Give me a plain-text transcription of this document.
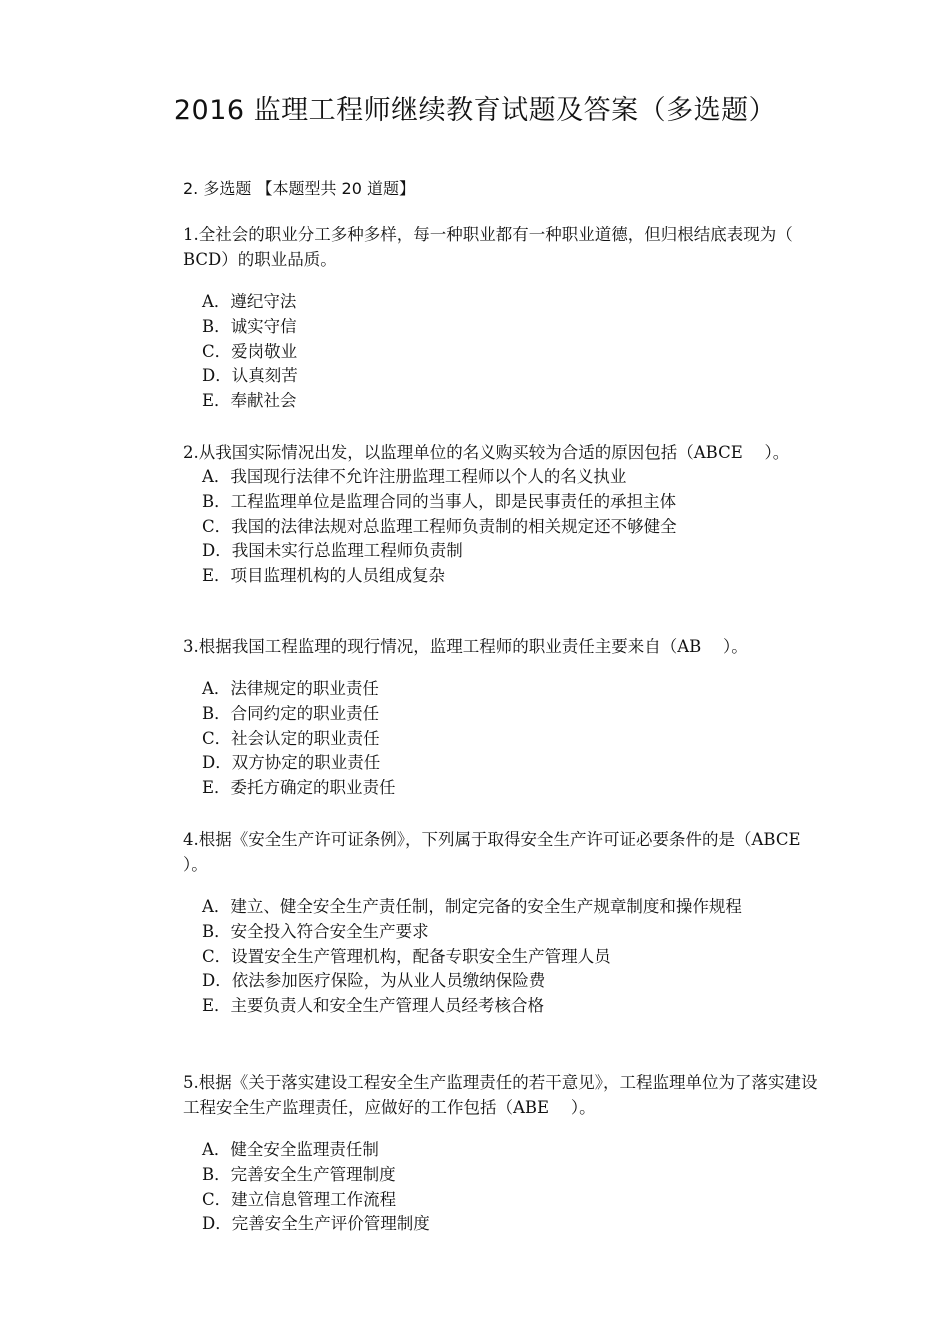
2016 监理工程师继续教育试题及答案（多选题）
2. 多选题 【本题型共 20 道题】

1.全社会的职业分工多种多样，每一种职业都有一种职业道德，但归根结底表现为（　 BCD）的职业品质。

A．遵纪守法
B．诚实守信
C．爱岗敬业
D．认真刻苦
E．奉献社会

2.从我国实际情况出发，以监理单位的名义购买较为合适的原因包括（ABCE　 ）。

A．我国现行法律不允许注册监理工程师以个人的名义执业
B．工程监理单位是监理合同的当事人，即是民事责任的承担主体
C．我国的法律法规对总监理工程师负责制的相关规定还不够健全
D．我国未实行总监理工程师负责制
E．项目监理机构的人员组成复杂

3.根据我国工程监理的现行情况，监理工程师的职业责任主要来自（AB　 ）。

A．法律规定的职业责任
B．合同约定的职业责任
C．社会认定的职业责任
D．双方协定的职业责任
E．委托方确定的职业责任

4.根据《安全生产许可证条例》，下列属于取得安全生产许可证必要条件的是（ABCE　 ）。

A．建立、健全安全生产责任制，制定完备的安全生产规章制度和操作规程
B．安全投入符合安全生产要求
C．设置安全生产管理机构，配备专职安全生产管理人员
D．依法参加医疗保险，为从业人员缴纳保险费
E．主要负责人和安全生产管理人员经考核合格

5.根据《关于落实建设工程安全生产监理责任的若干意见》，工程监理单位为了落实建设工程安全生产监理责任，应做好的工作包括（ABE　 ）。

A．健全安全监理责任制
B．完善安全生产管理制度
C．建立信息管理工作流程
D．完善安全生产评价管理制度
